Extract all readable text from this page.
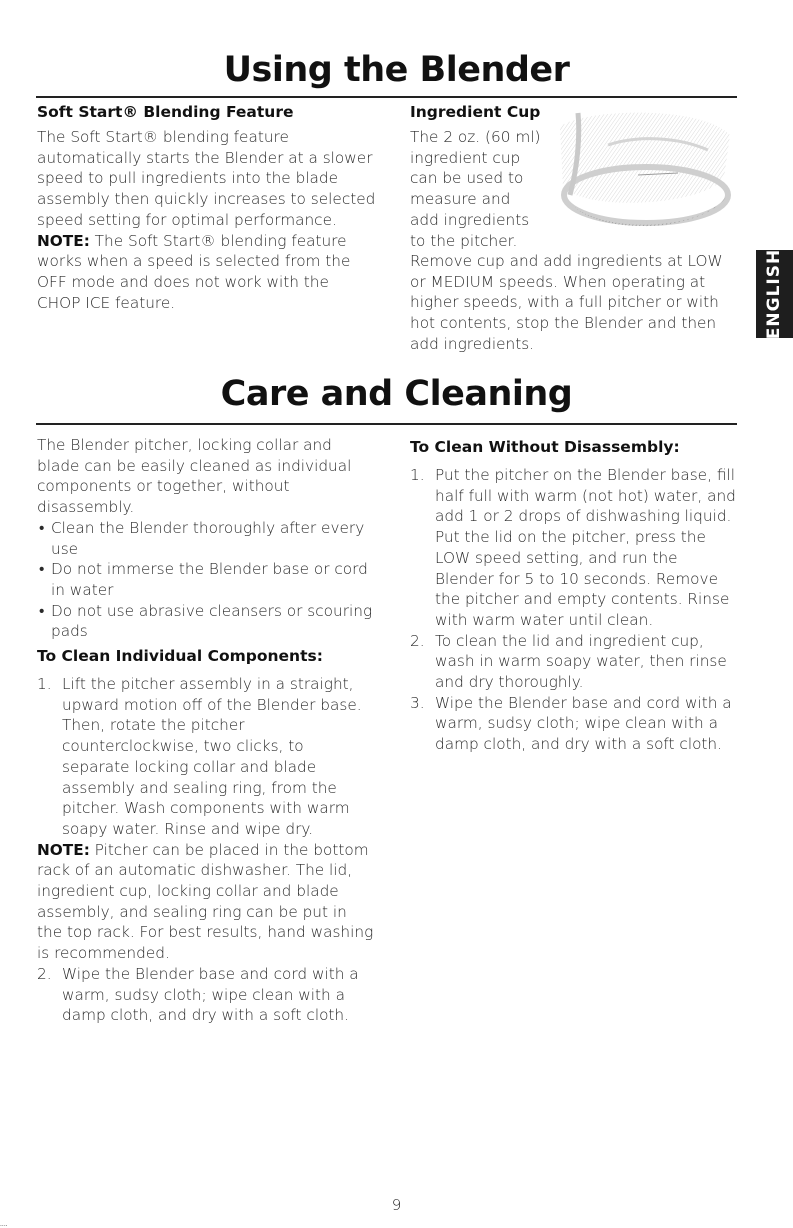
Using the Blender
Soft Start® Blending Feature

The Soft Start® blending feature automatically starts the Blender at a slower speed to pull ingredients into the blade assembly then quickly increases to selected speed setting for optimal performance.

NOTE: The Soft Start® blending feature works when a speed is selected from the OFF mode and does not work with the CHOP ICE feature.

Ingredient Cup

The 2 oz. (60 ml)

ingredient cup

can be used to

measure and

add ingredients

to the pitcher.

Remove cup and add ingredients at LOW or MEDIUM speeds. When operating at higher speeds, with a full pitcher or with hot contents, stop the Blender and then add ingredients.

ENGLISH
Care and Cleaning

The Blender pitcher, locking collar and blade can be easily cleaned as individual components or together, without disassembly.

• Clean the Blender thoroughly after every use
• Do not immerse the Blender base or cord in water
• Do not use abrasive cleansers or scouring pads
To Clean Individual Components:
1. Lift the pitcher assembly in a straight, upward motion off of the Blender base. Then, rotate the pitcher counterclockwise, two clicks, to separate locking collar and blade assembly and sealing ring, from the pitcher. Wash components with warm soapy water. Rinse and wipe dry.

NOTE: Pitcher can be placed in the bottom rack of an automatic dishwasher. The lid, ingredient cup, locking collar and blade assembly, and sealing ring can be put in the top rack. For best results, hand washing is recommended.

2. Wipe the Blender base and cord with a warm, sudsy cloth; wipe clean with a damp cloth, and dry with a soft cloth.
To Clean Without Disassembly:
1. Put the pitcher on the Blender base, fill half full with warm (not hot) water, and add 1 or 2 drops of dishwashing liquid. Put the lid on the pitcher, press the LOW speed setting, and run the Blender for 5 to 10 seconds. Remove the pitcher and empty contents. Rinse with warm water until clean.
2. To clean the lid and ingredient cup, wash in warm soapy water, then rinse and dry thoroughly.
3. Wipe the Blender base and cord with a warm, sudsy cloth; wipe clean with a damp cloth, and dry with a soft cloth.
9
....
